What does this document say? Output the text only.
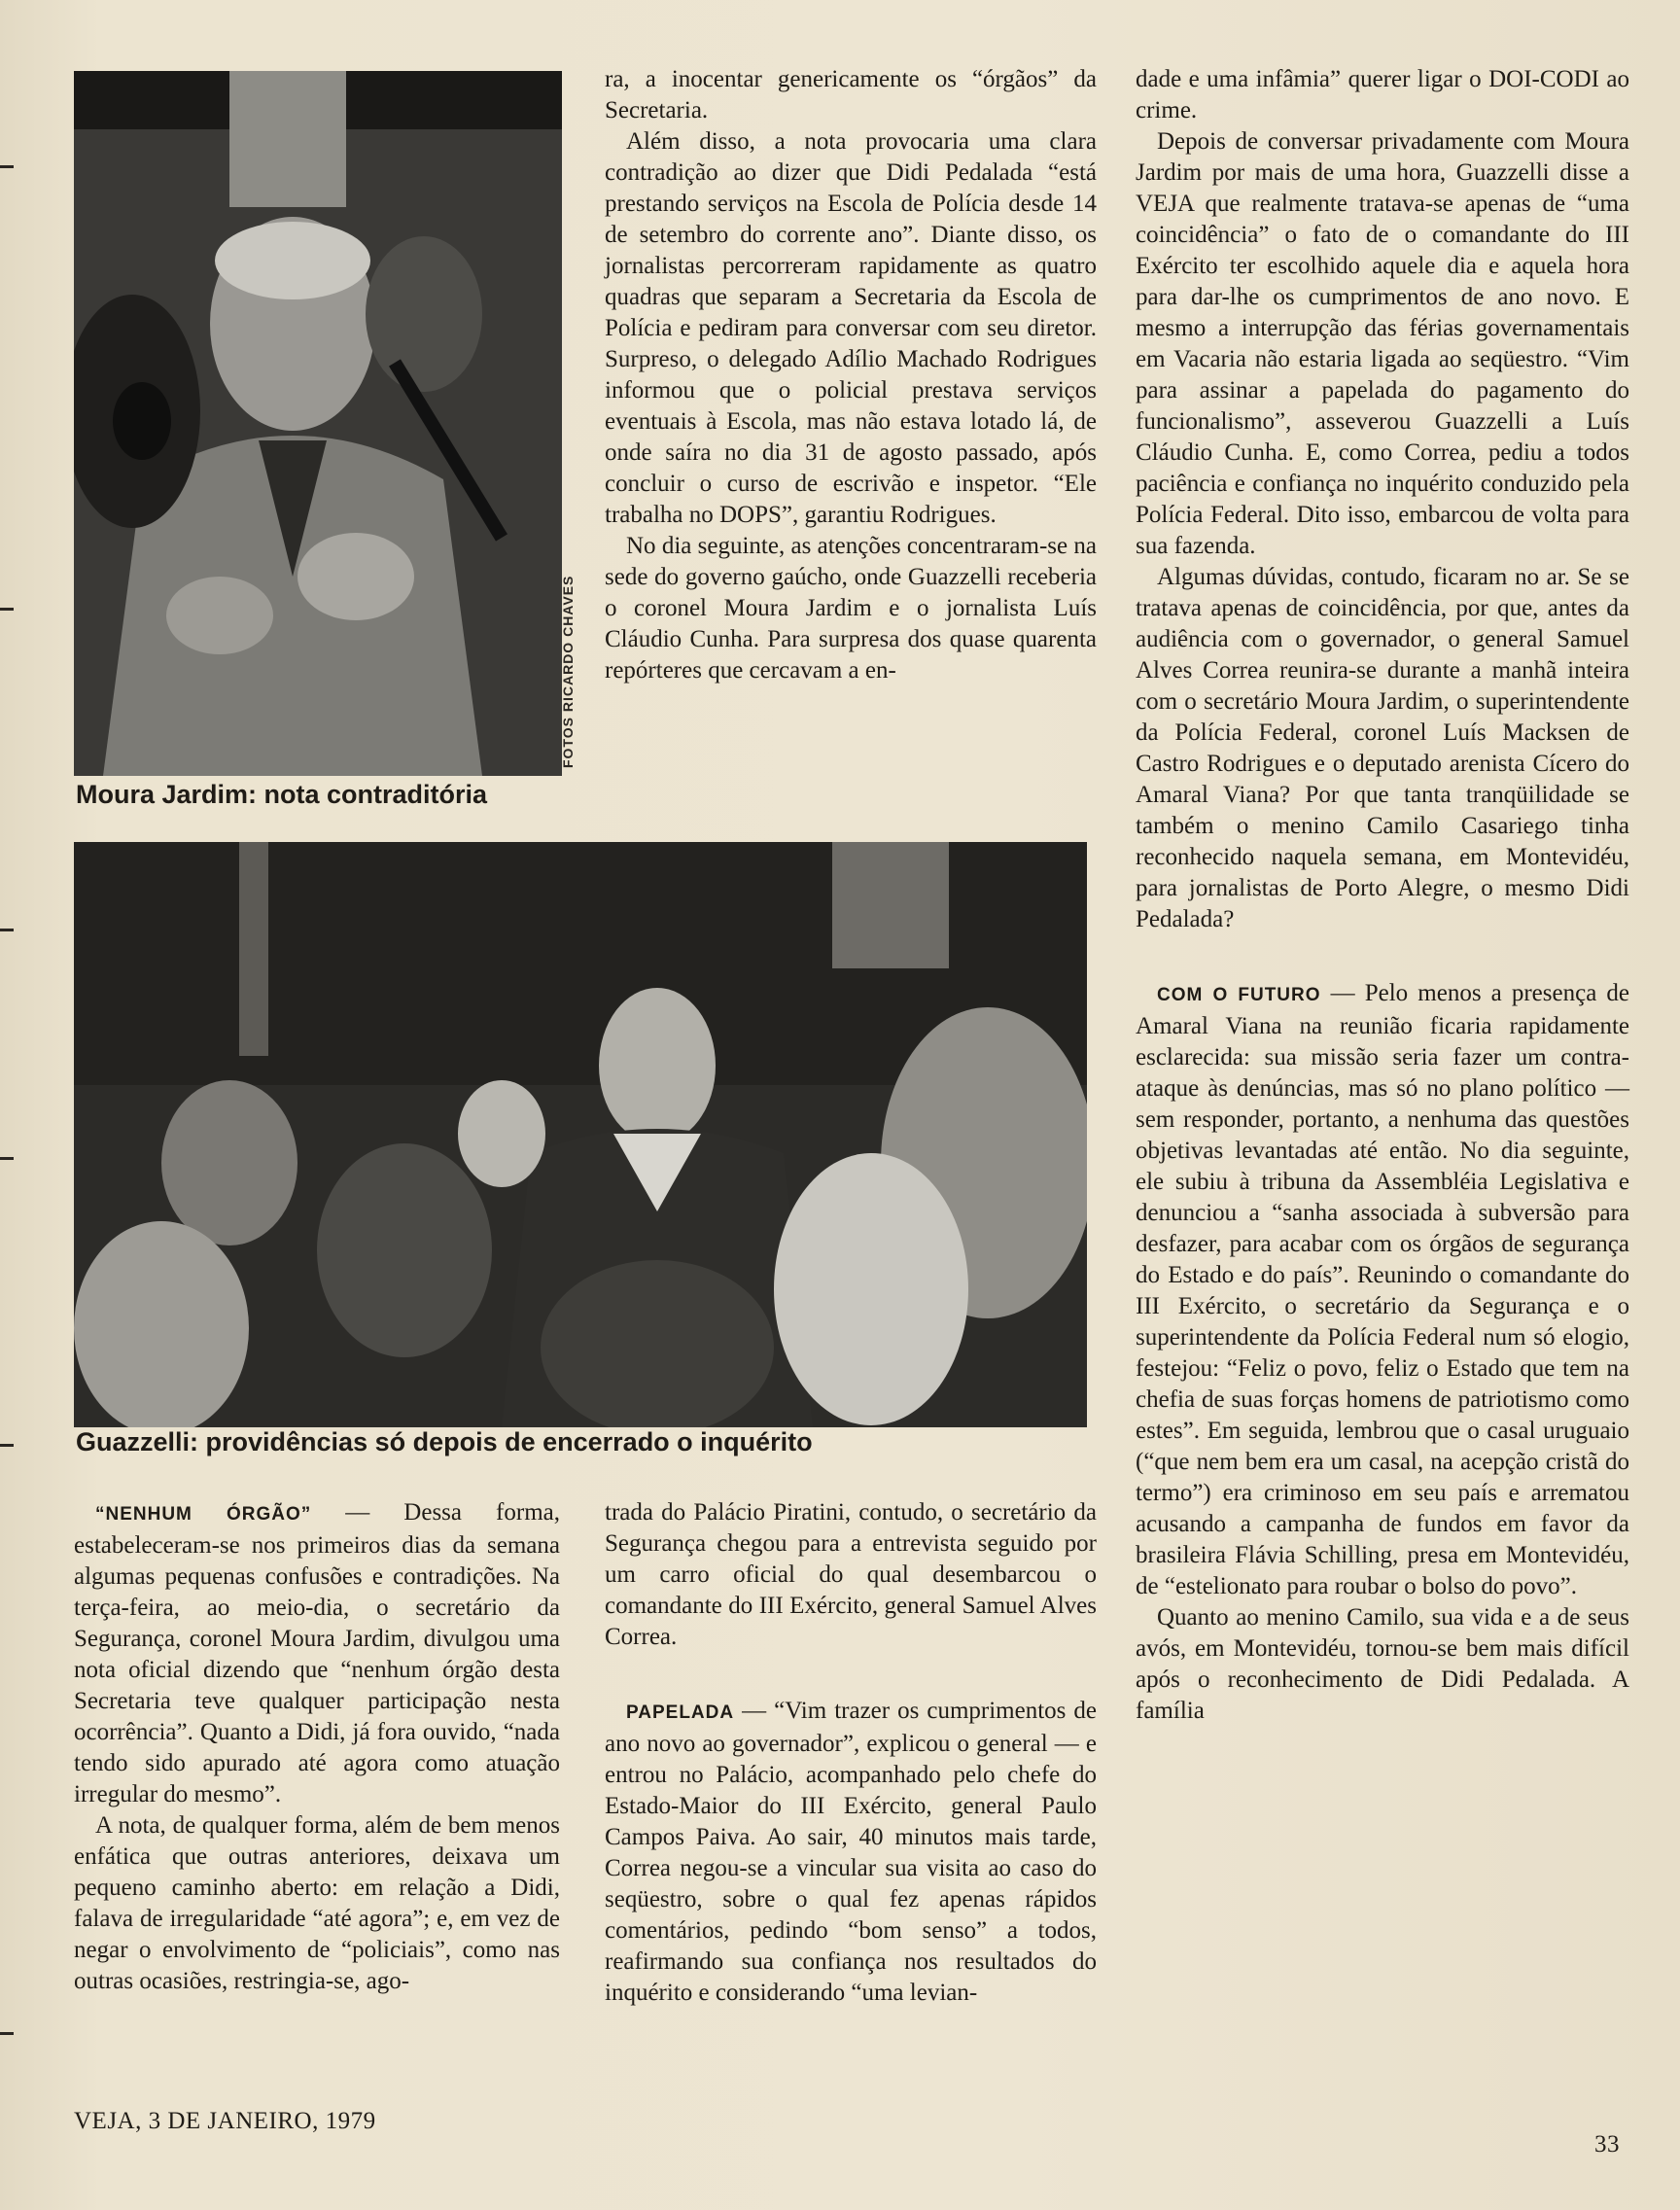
FOTOS RICARDO CHAVES
Moura Jardim: nota contraditória
Guazzelli: providências só depois de encerrado o inquérito

ra, a inocentar genericamente os “órgãos” da Secretaria.

Além disso, a nota provocaria uma clara contradição ao dizer que Didi Pedalada “está prestando serviços na Escola de Polícia desde 14 de setembro do corrente ano”. Diante disso, os jornalistas percorreram rapidamente as quatro quadras que separam a Secretaria da Escola de Polícia e pediram para conversar com seu diretor. Surpreso, o delegado Adílio Machado Rodrigues informou que o policial prestava serviços eventuais à Escola, mas não estava lotado lá, de onde saíra no dia 31 de agosto passado, após concluir o curso de escrivão e inspetor. “Ele trabalha no DOPS”, garantiu Rodrigues.

No dia seguinte, as atenções concentraram-se na sede do governo gaúcho, onde Guazzelli receberia o coronel Moura Jardim e o jornalista Luís Cláudio Cunha. Para surpresa dos quase quarenta repórteres que cercavam a en-

dade e uma infâmia” querer ligar o DOI-CODI ao crime.

Depois de conversar privadamente com Moura Jardim por mais de uma hora, Guazzelli disse a VEJA que realmente tratava-se apenas de “uma coincidência” o fato de o comandante do III Exército ter escolhido aquele dia e aquela hora para dar-lhe os cumprimentos de ano novo. E mesmo a interrupção das férias governamentais em Vacaria não estaria ligada ao seqüestro. “Vim para assinar a papelada do pagamento do funcionalismo”, asseverou Guazzelli a Luís Cláudio Cunha. E, como Correa, pediu a todos paciência e confiança no inquérito conduzido pela Polícia Federal. Dito isso, embarcou de volta para sua fazenda.

Algumas dúvidas, contudo, ficaram no ar. Se se tratava apenas de coincidência, por que, antes da audiência com o governador, o general Samuel Alves Correa reunira-se durante a manhã inteira com o secretário Moura Jardim, o superintendente da Polícia Federal, coronel Luís Macksen de Castro Rodrigues e o deputado arenista Cícero do Amaral Viana? Por que tanta tranqüilidade se também o menino Camilo Casariego tinha reconhecido naquela semana, em Montevidéu, para jornalistas de Porto Alegre, o mesmo Didi Pedalada?

COM O FUTURO — Pelo menos a presença de Amaral Viana na reunião ficaria rapidamente esclarecida: sua missão seria fazer um contra-ataque às denúncias, mas só no plano político — sem responder, portanto, a nenhuma das questões objetivas levantadas até então. No dia seguinte, ele subiu à tribuna da Assembléia Legislativa e denunciou a “sanha associada à subversão para desfazer, para acabar com os órgãos de segurança do Estado e do país”. Reunindo o comandante do III Exército, o secretário da Segurança e o superintendente da Polícia Federal num só elogio, festejou: “Feliz o povo, feliz o Estado que tem na chefia de suas forças homens de patriotismo como estes”. Em seguida, lembrou que o casal uruguaio (“que nem bem era um casal, na acepção cristã do termo”) era criminoso em seu país e arrematou acusando a campanha de fundos em favor da brasileira Flávia Schilling, presa em Montevidéu, de “estelionato para roubar o bolso do povo”.

Quanto ao menino Camilo, sua vida e a de seus avós, em Montevidéu, tornou-se bem mais difícil após o reconhecimento de Didi Pedalada. A família

“NENHUM ÓRGÃO” — Dessa forma, estabeleceram-se nos primeiros dias da semana algumas pequenas confusões e contradições. Na terça-feira, ao meio-dia, o secretário da Segurança, coronel Moura Jardim, divulgou uma nota oficial dizendo que “nenhum órgão desta Secretaria teve qualquer participação nesta ocorrência”. Quanto a Didi, já fora ouvido, “nada tendo sido apurado até agora como atuação irregular do mesmo”.

A nota, de qualquer forma, além de bem menos enfática que outras anteriores, deixava um pequeno caminho aberto: em relação a Didi, falava de irregularidade “até agora”; e, em vez de negar o envolvimento de “policiais”, como nas outras ocasiões, restringia-se, ago-

trada do Palácio Piratini, contudo, o secretário da Segurança chegou para a entrevista seguido por um carro oficial do qual desembarcou o comandante do III Exército, general Samuel Alves Correa.

PAPELADA — “Vim trazer os cumprimentos de ano novo ao governador”, explicou o general — e entrou no Palácio, acompanhado pelo chefe do Estado-Maior do III Exército, general Paulo Campos Paiva. Ao sair, 40 minutos mais tarde, Correa negou-se a vincular sua visita ao caso do seqüestro, sobre o qual fez apenas rápidos comentários, pedindo “bom senso” a todos, reafirmando sua confiança nos resultados do inquérito e considerando “uma levian-

VEJA, 3 DE JANEIRO, 1979
33
